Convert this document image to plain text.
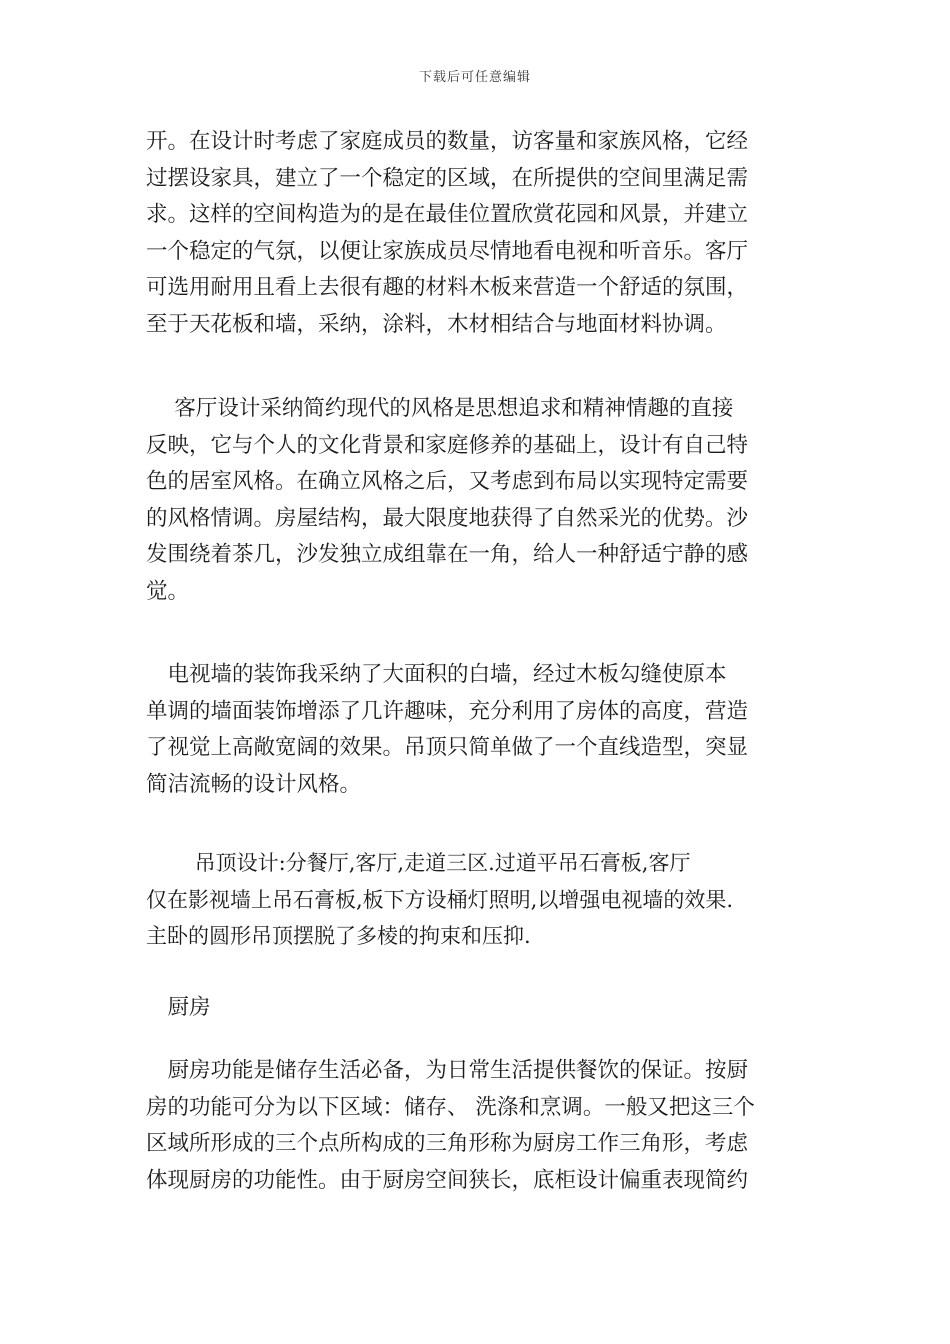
下载后可任意编辑

开。在设计时考虑了家庭成员的数量，访客量和家族风格，它经
过摆设家具，建立了一个稳定的区域，在所提供的空间里满足需
求。这样的空间构造为的是在最佳位置欣赏花园和风景，并建立
一个稳定的气氛，以便让家族成员尽情地看电视和听音乐。客厅
可选用耐用且看上去很有趣的材料木板来营造一个舒适的氛围，
至于天花板和墙，采纳，涂料，木材相结合与地面材料协调。

　 客厅设计采纳简约现代的风格是思想追求和精神情趣的直接
反映，它与个人的文化背景和家庭修养的基础上，设计有自己特
色的居室风格。在确立风格之后，又考虑到布局以实现特定需要
的风格情调。房屋结构，最大限度地获得了自然采光的优势。沙
发围绕着茶几，沙发独立成组靠在一角，给人一种舒适宁静的感
觉。

　电视墙的装饰我采纳了大面积的白墙，经过木板勾缝使原本
单调的墙面装饰增添了几许趣味，充分利用了房体的高度，营造
了视觉上高敞宽阔的效果。吊顶只简单做了一个直线造型，突显
简洁流畅的设计风格。

　　 吊顶设计:分餐厅,客厅,走道三区.过道平吊石膏板,客厅
仅在影视墙上吊石膏板,板下方设桶灯照明,以增强电视墙的效果.
主卧的圆形吊顶摆脱了多棱的拘束和压抑.

　厨房

　厨房功能是储存生活必备，为日常生活提供餐饮的保证。按厨
房的功能可分为以下区域：储存、 洗涤和烹调。一般又把这三个
区域所形成的三个点所构成的三角形称为厨房工作三角形，考虑
体现厨房的功能性。由于厨房空间狭长，底柜设计偏重表现简约
